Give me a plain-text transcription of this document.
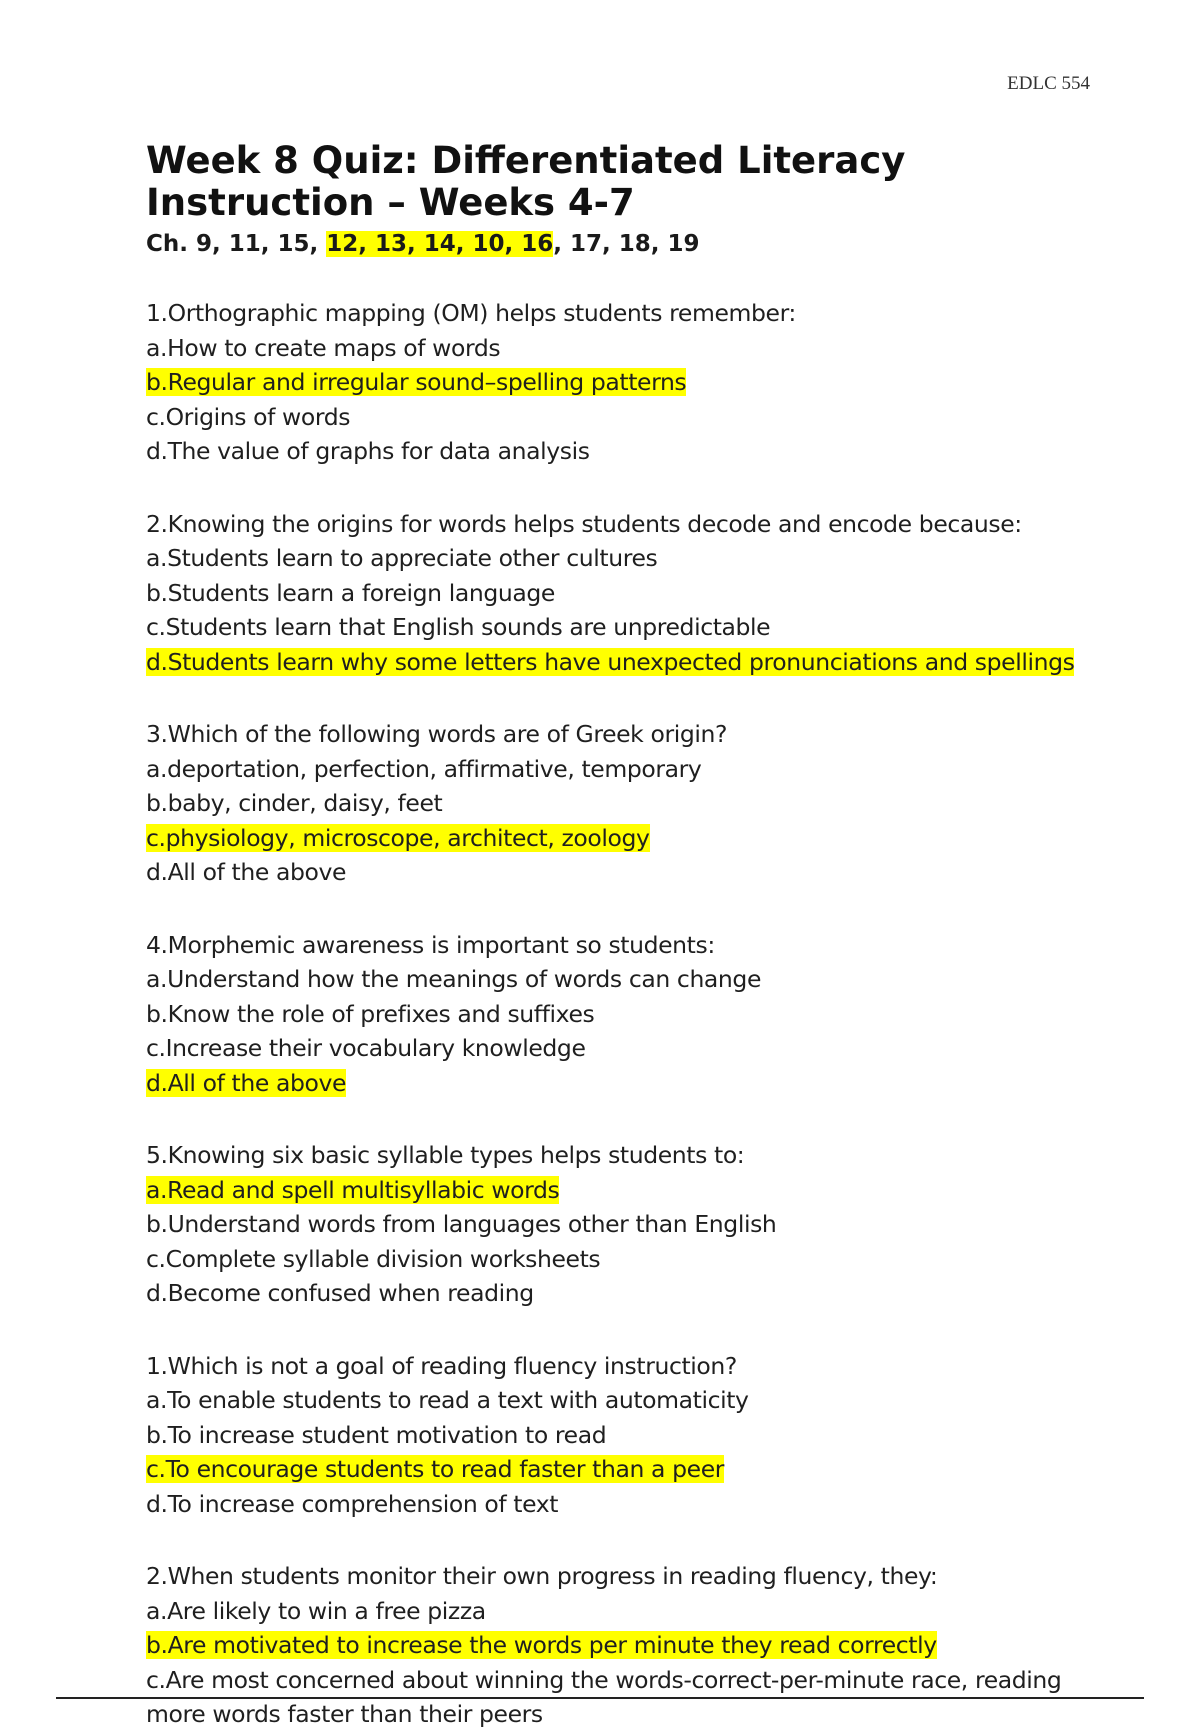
EDLC 554
Week 8 Quiz: Differentiated Literacy
Instruction – Weeks 4-7
Ch. 9, 11, 15, 12, 13, 14, 10, 16, 17, 18, 19
1.Orthographic mapping (OM) helps students remember:
a.How to create maps of words
b.Regular and irregular sound–spelling patterns
c.Origins of words
d.The value of graphs for data analysis
2.Knowing the origins for words helps students decode and encode because:
a.Students learn to appreciate other cultures
b.Students learn a foreign language
c.Students learn that English sounds are unpredictable
d.Students learn why some letters have unexpected pronunciations and spellings
3.Which of the following words are of Greek origin?
a.deportation, perfection, affirmative, temporary
b.baby, cinder, daisy, feet
c.physiology, microscope, architect, zoology
d.All of the above
4.Morphemic awareness is important so students:
a.Understand how the meanings of words can change
b.Know the role of prefixes and suffixes
c.Increase their vocabulary knowledge
d.All of the above
5.Knowing six basic syllable types helps students to:
a.Read and spell multisyllabic words
b.Understand words from languages other than English
c.Complete syllable division worksheets
d.Become confused when reading
1.Which is not a goal of reading fluency instruction?
a.To enable students to read a text with automaticity
b.To increase student motivation to read
c.To encourage students to read faster than a peer
d.To increase comprehension of text
2.When students monitor their own progress in reading fluency, they:
a.Are likely to win a free pizza
b.Are motivated to increase the words per minute they read correctly
c.Are most concerned about winning the words-correct-per-minute race, reading
more words faster than their peers
